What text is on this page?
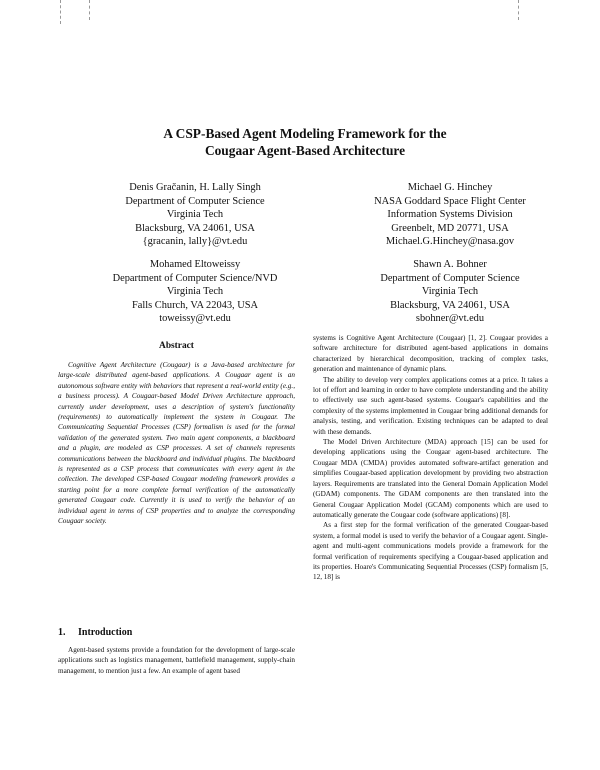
A CSP-Based Agent Modeling Framework for the
Cougaar Agent-Based Architecture
Denis Gračanin, H. Lally Singh
Department of Computer Science
Virginia Tech
Blacksburg, VA 24061, USA
{gracanin, lally}@vt.edu
Michael G. Hinchey
NASA Goddard Space Flight Center
Information Systems Division
Greenbelt, MD 20771, USA
Michael.G.Hinchey@nasa.gov
Mohamed Eltoweissy
Department of Computer Science/NVD
Virginia Tech
Falls Church, VA 22043, USA
toweissy@vt.edu
Shawn A. Bohner
Department of Computer Science
Virginia Tech
Blacksburg, VA 24061, USA
sbohner@vt.edu
Abstract
Cognitive Agent Architecture (Cougaar) is a Java-based architecture for large-scale distributed agent-based applications. A Cougaar agent is an autonomous software entity with behaviors that represent a real-world entity (e.g., a business process). A Cougaar-based Model Driven Architecture approach, currently under development, uses a description of system's functionality (requirements) to automatically implement the system in Cougaar. The Communicating Sequential Processes (CSP) formalism is used for the formal validation of the generated system. Two main agent components, a blackboard and a plugin, are modeled as CSP processes. A set of channels represents communications between the blackboard and individual plugins. The blackboard is represented as a CSP process that communicates with every agent in the collection. The developed CSP-based Cougaar modeling framework provides a starting point for a more complete formal verification of the automatically generated Cougaar code. Currently it is used to verify the behavior of an individual agent in terms of CSP properties and to analyze the corresponding Cougaar society.
1. Introduction
Agent-based systems provide a foundation for the development of large-scale applications such as logistics management, battlefield management, supply-chain management, to mention just a few. An example of agent based

systems is Cognitive Agent Architecture (Cougaar) [1, 2]. Cougaar provides a software architecture for distributed agent-based applications in domains characterized by hierarchical decomposition, tracking of complex tasks, generation and maintenance of dynamic plans.

The ability to develop very complex applications comes at a price. It takes a lot of effort and learning in order to have complete understanding and the ability to effectively use such agent-based systems. Cougaar's capabilities and the complexity of the systems implemented in Cougaar bring additional demands for analysis, testing, and verification. Existing techniques can be adapted to deal with these demands.

The Model Driven Architecture (MDA) approach [15] can be used for developing applications using the Cougaar agent-based architecture. The Cougaar MDA (CMDA) provides automated software-artifact generation and simplifies Cougaar-based application development by providing two abstraction layers. Requirements are translated into the General Domain Application Model (GDAM) components. The GDAM components are then translated into the General Cougaar Application Model (GCAM) components which are used to automatically generate the Cougaar code (software applications) [8].

As a first step for the formal verification of the generated Cougaar-based system, a formal model is used to verify the behavior of a Cougaar agent. Single-agent and multi-agent communications models provide a framework for the formal verification of requirements specifying a Cougaar-based application and its properties. Hoare's Communicating Sequential Processes (CSP) formalism [5, 12, 18] is
